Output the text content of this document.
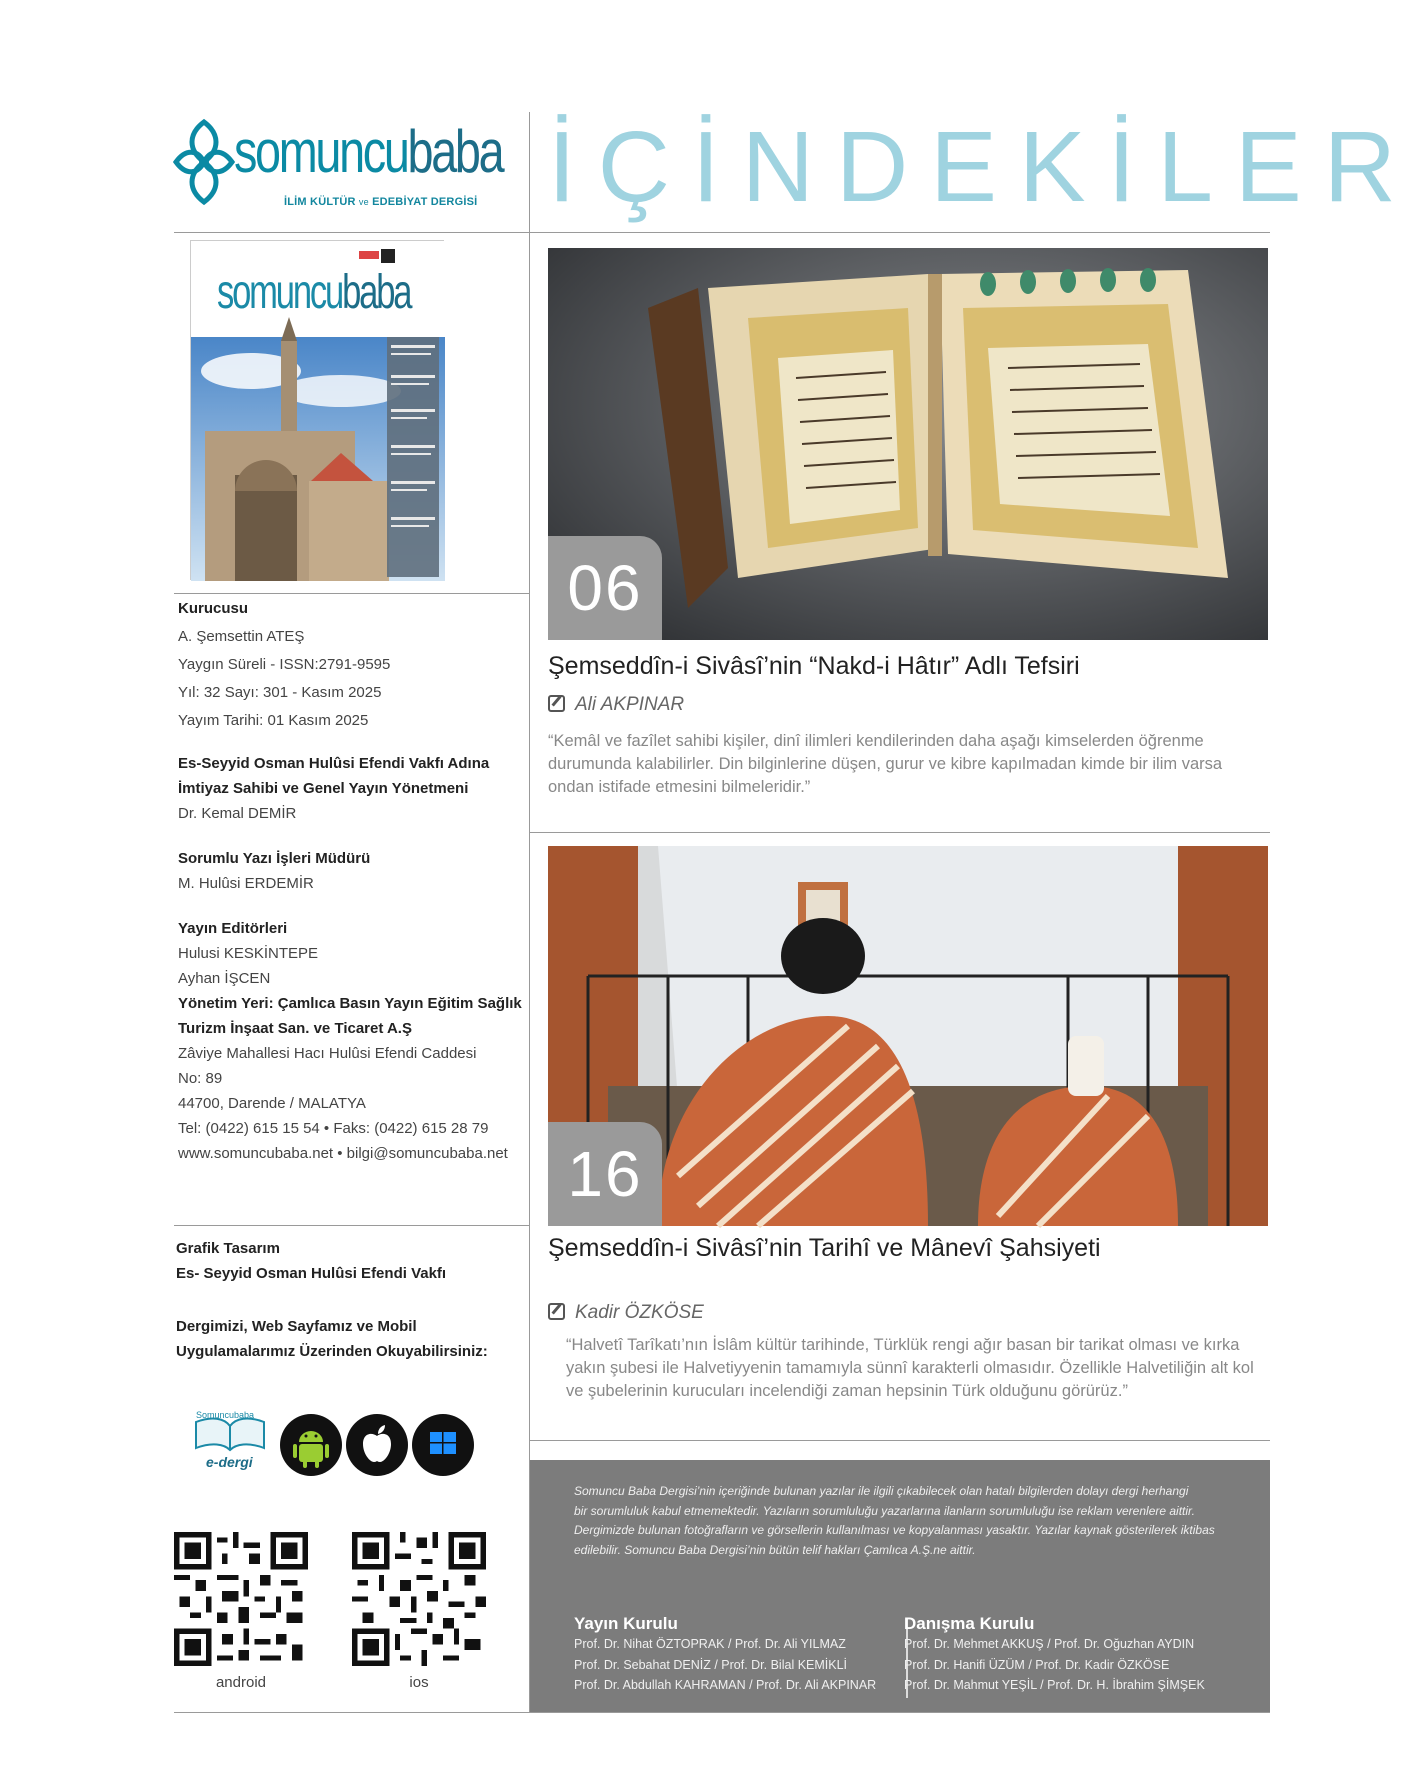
somuncubaba
İLİM KÜLTÜR ve EDEBİYAT DERGİSİ İÇİNDEKİLER
somuncubaba
Kurucusu
A. Şemsettin ATEŞ
Yaygın Süreli - ISSN:2791-9595
Yıl: 32 Sayı: 301 - Kasım 2025
Yayım Tarihi: 01 Kasım 2025
Es-Seyyid Osman Hulûsi Efendi Vakfı Adına
İmtiyaz Sahibi ve Genel Yayın Yönetmeni
Dr. Kemal DEMİR
Sorumlu Yazı İşleri Müdürü
M. Hulûsi ERDEMİR
Yayın Editörleri
Hulusi KESKİNTEPE
Ayhan İŞCEN
Yönetim Yeri: Çamlıca Basın Yayın Eğitim Sağlık
Turizm İnşaat San. ve Ticaret A.Ş
Zâviye Mahallesi Hacı Hulûsi Efendi Caddesi
No: 89
44700, Darende / MALATYA
Tel: (0422) 615 15 54 • Faks: (0422) 615 28 79
www.somuncubaba.net • bilgi@somuncubaba.net
Grafik Tasarım
Es- Seyyid Osman Hulûsi Efendi Vakfı
Dergimizi, Web Sayfamız ve Mobil
Uygulamalarımız Üzerinden Okuyabilirsiniz:
Somuncubaba
e-dergi
android	ios
06
Şemseddîn-i Sivâsî’nin “Nakd-i Hâtır” Adlı Tefsiri
Ali AKPINAR
“Kemâl ve fazîlet sahibi kişiler, dinî ilimleri kendilerinden daha aşağı kimselerden öğrenme
durumunda kalabilirler. Din bilginlerine düşen, gurur ve kibre kapılmadan kimde bir ilim varsa
ondan istifade etmesini bilmeleridir.”
16
Şemseddîn-i Sivâsî’nin Tarihî ve Mânevî Şahsiyeti
Kadir ÖZKÖSE
“Halvetî Tarîkatı’nın İslâm kültür tarihinde, Türklük rengi ağır basan bir tarikat olması ve kırka
yakın şubesi ile Halvetiyyenin tamamıyla sünnî karakterli olmasıdır. Özellikle Halvetiliğin alt kol
ve şubelerinin kurucuları incelendiği zaman hepsinin Türk olduğunu görürüz.”
Somuncu Baba Dergisi’nin içeriğinde bulunan yazılar ile ilgili çıkabilecek olan hatalı bilgilerden dolayı dergi herhangi
bir sorumluluk kabul etmemektedir. Yazıların sorumluluğu yazarlarına ilanların sorumluluğu ise reklam verenlere aittir.
Dergimizde bulunan fotoğrafların ve görsellerin kullanılması ve kopyalanması yasaktır. Yazılar kaynak gösterilerek iktibas
edilebilir. Somuncu Baba Dergisi’nin bütün telif hakları Çamlıca A.Ş.ne aittir.
Yayın Kurulu
Prof. Dr. Nihat ÖZTOPRAK / Prof. Dr. Ali YILMAZ
Prof. Dr. Sebahat DENİZ / Prof. Dr. Bilal KEMİKLİ
Prof. Dr. Abdullah KAHRAMAN / Prof. Dr. Ali AKPINAR
Danışma Kurulu
Prof. Dr. Mehmet AKKUŞ / Prof. Dr. Oğuzhan AYDIN
Prof. Dr. Hanifi ÜZÜM / Prof. Dr. Kadir ÖZKÖSE
Prof. Dr. Mahmut YEŞİL / Prof. Dr. H. İbrahim ŞİMŞEK
